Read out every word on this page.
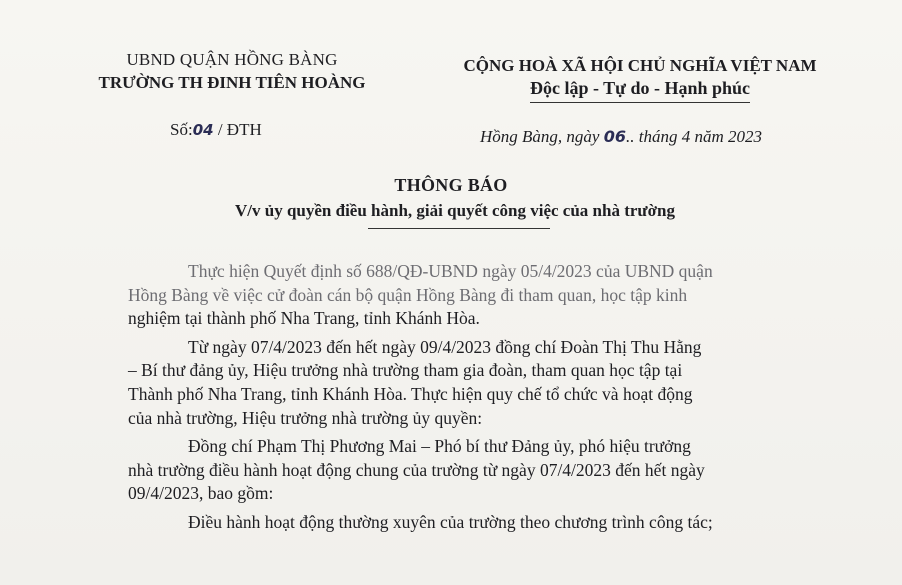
UBND QUẬN HỒNG BÀNG
TRƯỜNG TH ĐINH TIÊN HOÀNG
CỘNG HOÀ XÃ HỘI CHỦ NGHĨA VIỆT NAM
Độc lập - Tự do - Hạnh phúc
Số:04 / ĐTH	Hồng Bàng, ngày 06.. tháng 4 năm 2023
THÔNG BÁO
V/v ủy quyền điều hành, giải quyết công việc của nhà trường

Thực hiện Quyết định số 688/QĐ-UBND ngày 05/4/2023 của UBND quận
Hồng Bàng về việc cử đoàn cán bộ quận Hồng Bàng đi tham quan, học tập kinh
nghiệm tại thành phố Nha Trang, tỉnh Khánh Hòa.

Từ ngày 07/4/2023 đến hết ngày 09/4/2023 đồng chí Đoàn Thị Thu Hằng
– Bí thư đảng ủy, Hiệu trưởng nhà trường tham gia đoàn, tham quan học tập tại
Thành phố Nha Trang, tỉnh Khánh Hòa. Thực hiện quy chế tổ chức và hoạt động
của nhà trường, Hiệu trưởng nhà trường ủy quyền:

Đồng chí Phạm Thị Phương Mai – Phó bí thư Đảng ủy, phó hiệu trưởng
nhà trường điều hành hoạt động chung của trường từ ngày 07/4/2023 đến hết ngày
09/4/2023, bao gồm:

Điều hành hoạt động thường xuyên của trường theo chương trình công tác;
